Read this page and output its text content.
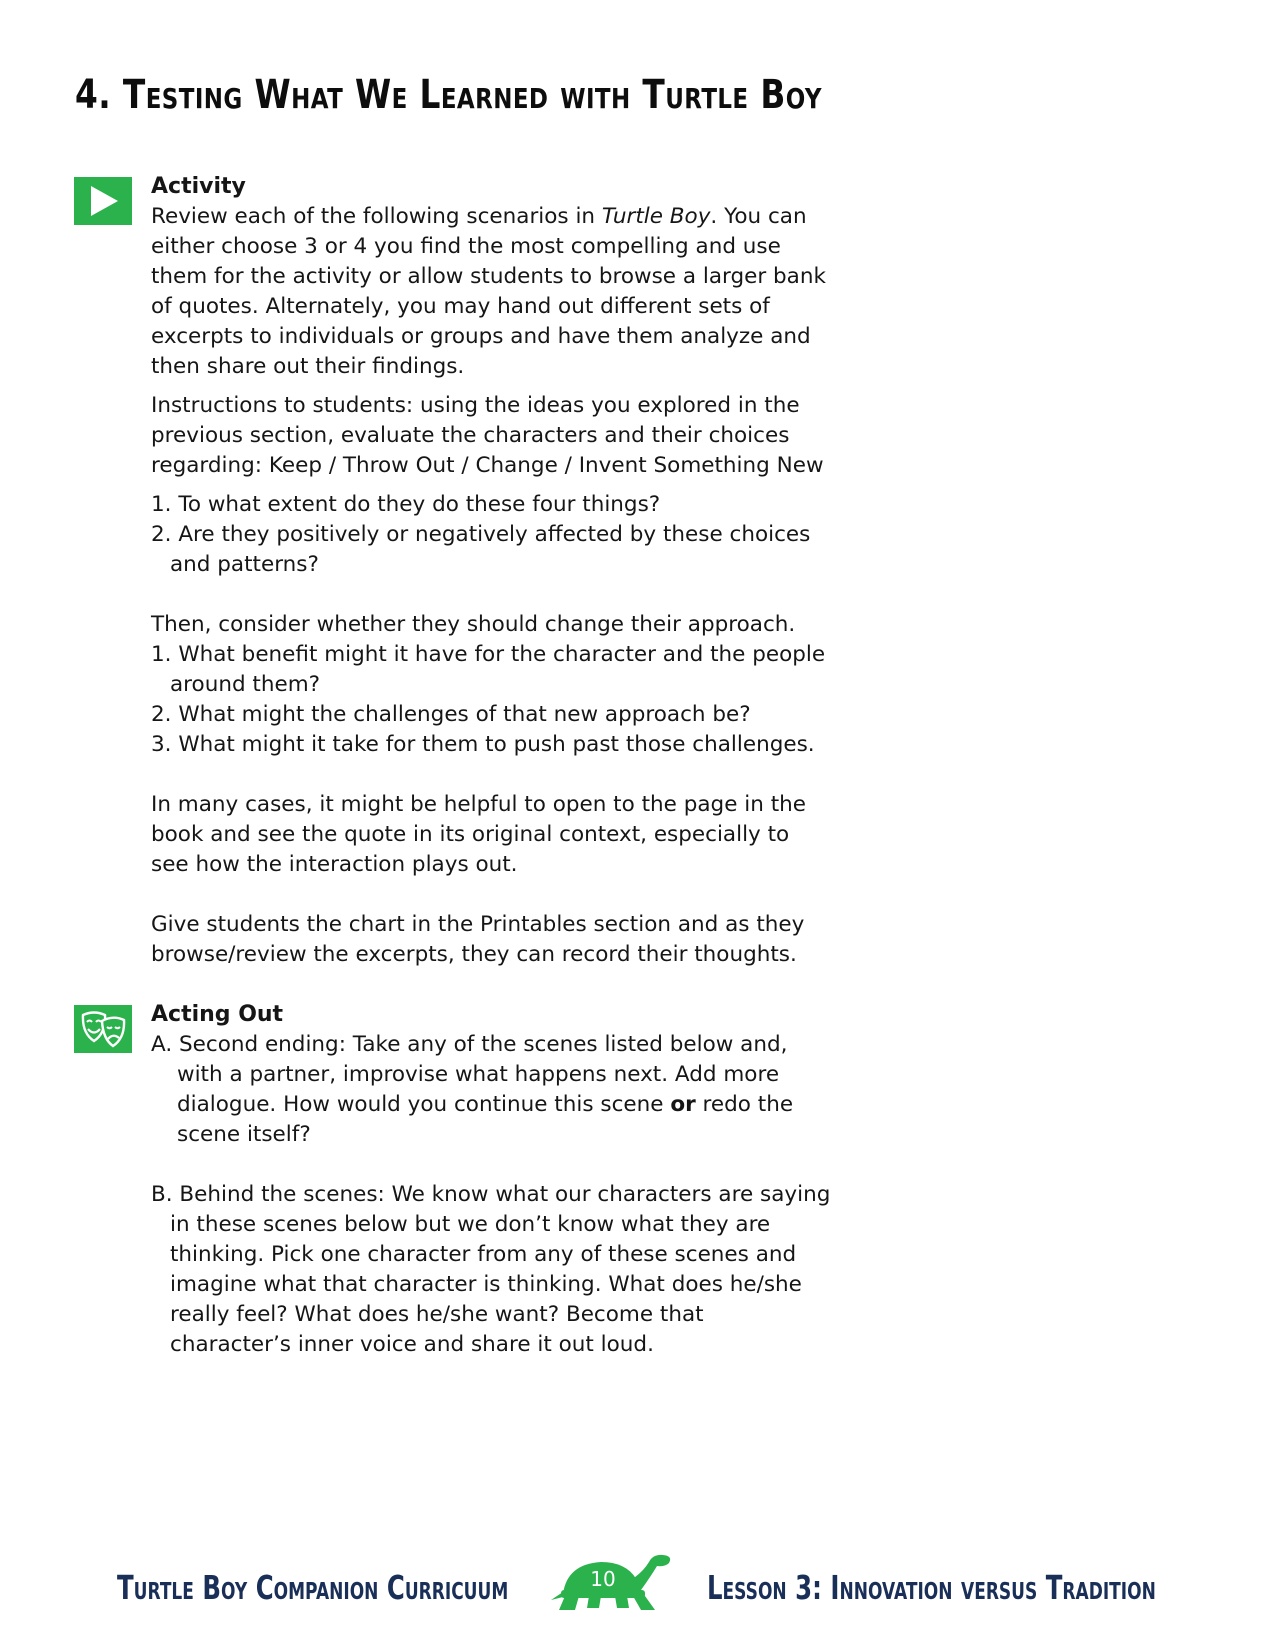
4. Testing What We Learned with Turtle Boy

Activity

Review each of the following scenarios in Turtle Boy. You can either choose 3 or 4 you find the most compelling and use them for the activity or allow students to browse a larger bank of quotes. Alternately, you may hand out different sets of excerpts to individuals or groups and have them analyze and then share out their findings.

Instructions to students: using the ideas you explored in the previous section, evaluate the characters and their choices regarding: Keep / Throw Out / Change / Invent Something New

1. To what extent do they do these four things?

2. Are they positively or negatively affected by these choices and patterns?

Then, consider whether they should change their approach.

1. What benefit might it have for the character and the people around them?

2. What might the challenges of that new approach be?

3. What might it take for them to push past those challenges.

In many cases, it might be helpful to open to the page in the book and see the quote in its original context, especially to see how the interaction plays out.

Give students the chart in the Printables section and as they browse/review the excerpts, they can record their thoughts.

Acting Out

A. Second ending: Take any of the scenes listed below and, with a partner, improvise what happens next. Add more dialogue. How would you continue this scene or redo the scene itself?

B. Behind the scenes: We know what our characters are saying in these scenes below but we don’t know what they are thinking. Pick one character from any of these scenes and imagine what that character is thinking. What does he/she really feel? What does he/she want? Become that character’s inner voice and share it out loud.

Turtle Boy Companion Curricuum	10	Lesson 3: Innovation versus Tradition
